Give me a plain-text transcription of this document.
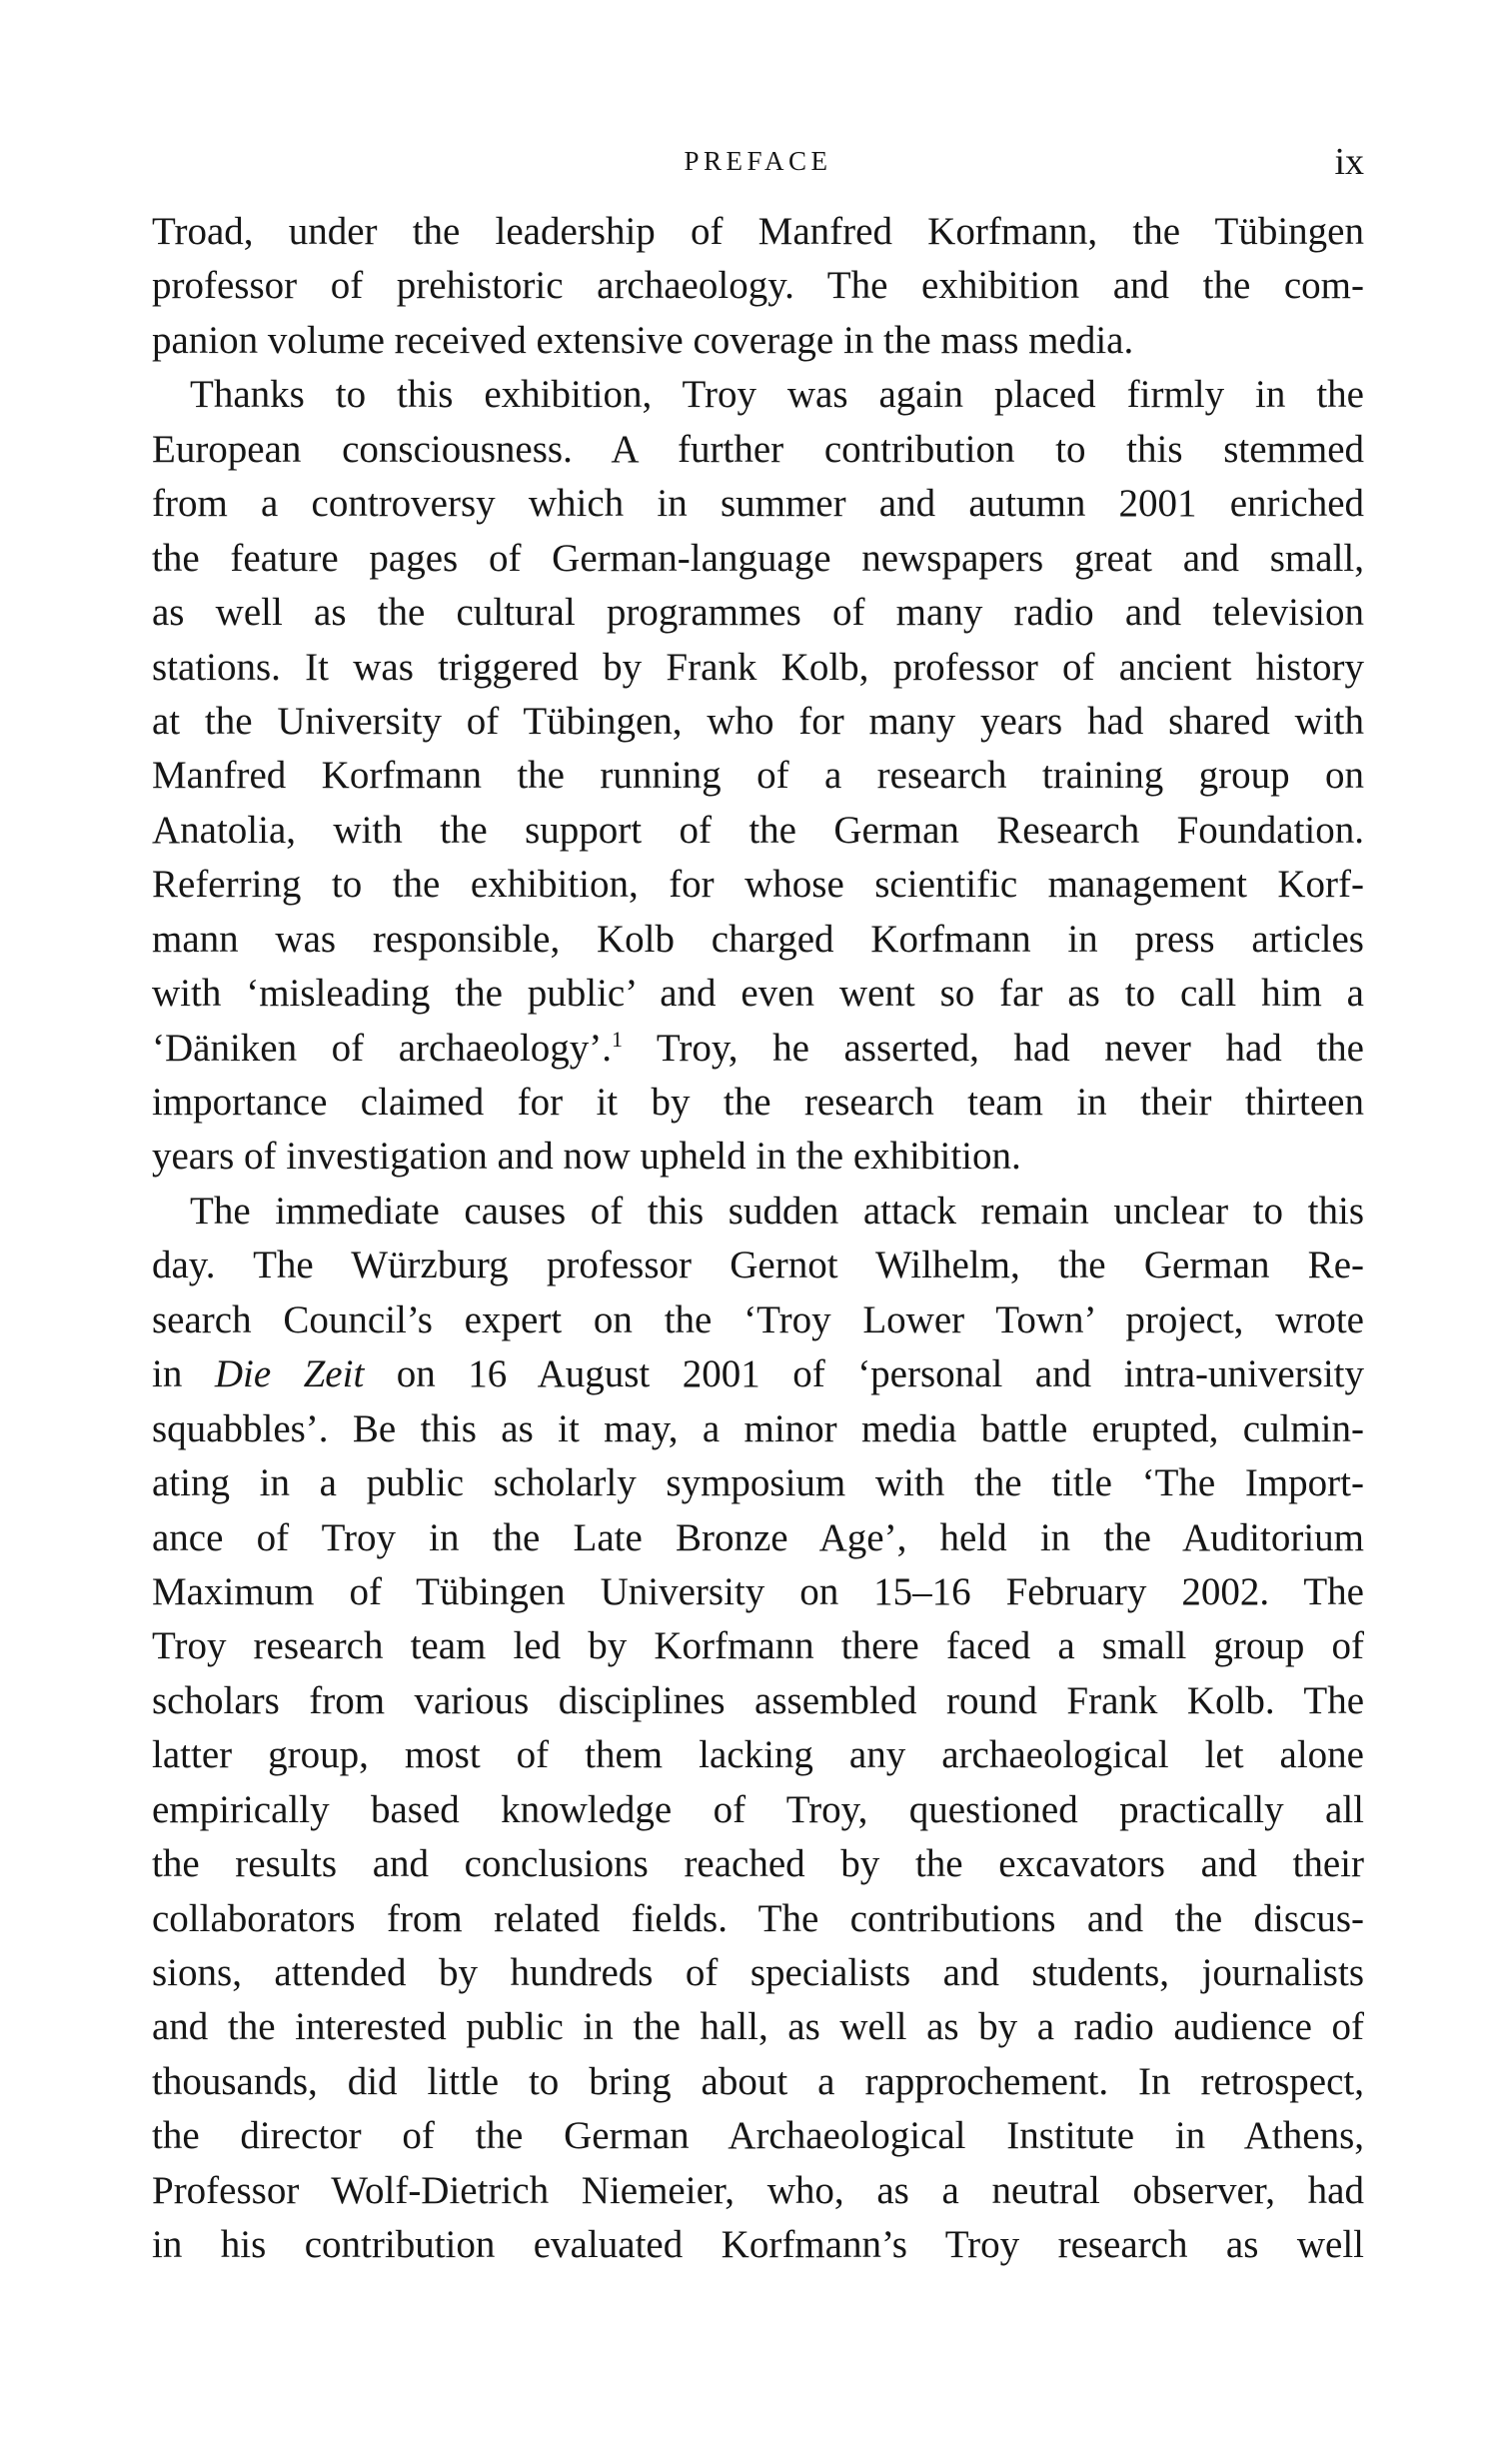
PREFACE	ix
Troad, under the leadership of Manfred Korfmann, the Tübingen
professor of prehistoric archaeology. The exhibition and the com-
panion volume received extensive coverage in the mass media.
Thanks to this exhibition, Troy was again placed firmly in the
European consciousness. A further contribution to this stemmed
from a controversy which in summer and autumn 2001 enriched
the feature pages of German-language newspapers great and small,
as well as the cultural programmes of many radio and television
stations. It was triggered by Frank Kolb, professor of ancient history
at the University of Tübingen, who for many years had shared with
Manfred Korfmann the running of a research training group on
Anatolia, with the support of the German Research Foundation.
Referring to the exhibition, for whose scientific management Korf-
mann was responsible, Kolb charged Korfmann in press articles
with ‘misleading the public’ and even went so far as to call him a
‘Däniken of archaeology’.$^1$ Troy, he asserted, had never had the
importance claimed for it by the research team in their thirteen
years of investigation and now upheld in the exhibition.
The immediate causes of this sudden attack remain unclear to this
day. The Würzburg professor Gernot Wilhelm, the German Re-
search Council’s expert on the ‘Troy Lower Town’ project, wrote
in Die Zeit on 16 August 2001 of ‘personal and intra-university
squabbles’. Be this as it may, a minor media battle erupted, culmin-
ating in a public scholarly symposium with the title ‘The Import-
ance of Troy in the Late Bronze Age’, held in the Auditorium
Maximum of Tübingen University on 15–16 February 2002. The
Troy research team led by Korfmann there faced a small group of
scholars from various disciplines assembled round Frank Kolb. The
latter group, most of them lacking any archaeological let alone
empirically based knowledge of Troy, questioned practically all
the results and conclusions reached by the excavators and their
collaborators from related fields. The contributions and the discus-
sions, attended by hundreds of specialists and students, journalists
and the interested public in the hall, as well as by a radio audience of
thousands, did little to bring about a rapprochement. In retrospect,
the director of the German Archaeological Institute in Athens,
Professor Wolf-Dietrich Niemeier, who, as a neutral observer, had
in his contribution evaluated Korfmann’s Troy research as well
